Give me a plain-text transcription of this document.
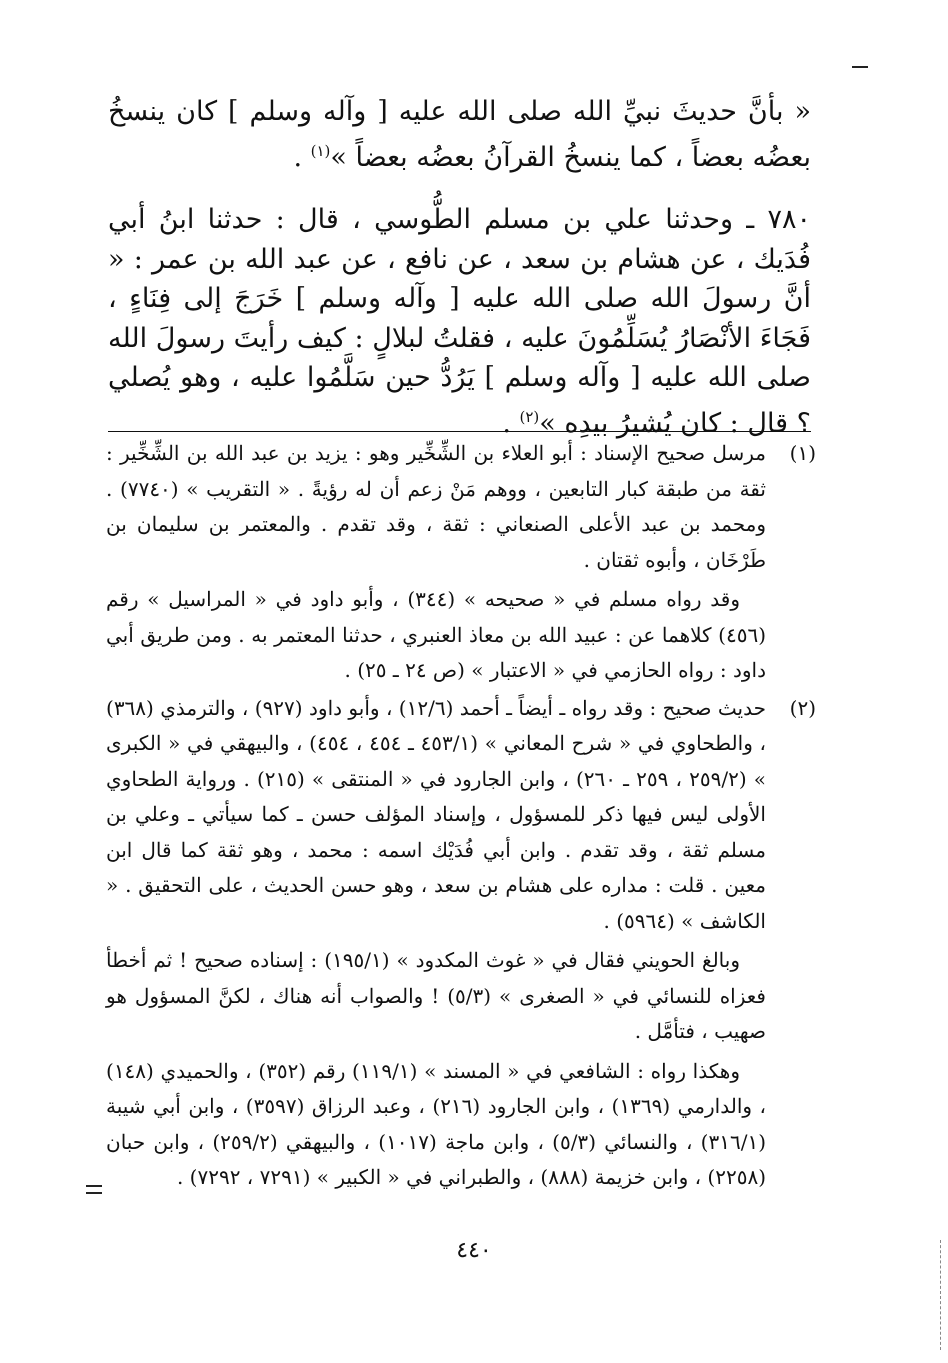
« بأنَّ حديثَ نبيِّ الله صلى الله عليه [ وآله وسلم ] كان ينسخُ بعضُه بعضاً ، كما ينسخُ القرآنُ بعضُه بعضاً »$^{(١)}$ .

٧٨٠ ـ وحدثنا علي بن مسلم الطُّوسي ، قال : حدثنا ابنُ أبي فُدَيك ، عن هشام بن سعد ، عن نافع ، عن عبد الله بن عمر : « أنَّ رسولَ الله صلى الله عليه [ وآله وسلم ] خَرَجَ إلى فِنَاءٍ ، فَجَاءَ الأنْصَارُ يُسَلِّمُونَ عليه ، فقلتُ لبلالٍ : كيف رأيتَ رسولَ الله صلى الله عليه [ وآله وسلم ] يَرُدُّ حين سَلَّمُوا عليه ، وهو يُصلي ؟ قال : كان يُشيرُ بيدِه »$^{(٢)}$ .

(١)

مرسل صحيح الإسناد : أبو العلاء بن الشِّخِّير وهو : يزيد بن عبد الله بن الشِّخِّير : ثقة من طبقة كبار التابعين ، ووهم مَنْ زعم أن له رؤيةً . « التقريب » (٧٧٤٠) . ومحمد بن عبد الأعلى الصنعاني : ثقة ، وقد تقدم . والمعتمر بن سليمان بن طَرْخَان ، وأبوه ثقتان .

وقد رواه مسلم في « صحيحه » (٣٤٤) ، وأبو داود في « المراسيل » رقم (٤٥٦) كلاهما عن : عبيد الله بن معاذ العنبري ، حدثنا المعتمر به . ومن طريق أبي داود : رواه الحازمي في « الاعتبار » (ص ٢٤ ـ ٢٥) .

(٢)

حديث صحيح : وقد رواه ـ أيضاً ـ أحمد (١٢/٦) ، وأبو داود (٩٢٧) ، والترمذي (٣٦٨) ، والطحاوي في « شرح المعاني » (٤٥٣/١ ـ ٤٥٤ ، ٤٥٤) ، والبيهقي في « الكبرى » (٢٥٩/٢ ، ٢٥٩ ـ ٢٦٠) ، وابن الجارود في « المنتقى » (٢١٥) . ورواية الطحاوي الأولى ليس فيها ذكر للمسؤول ، وإسناد المؤلف حسن ـ كما سيأتي ـ وعلي بن مسلم ثقة ، وقد تقدم . وابن أبي فُدَيْك اسمه : محمد ، وهو ثقة كما قال ابن معين . قلت : مداره على هشام بن سعد ، وهو حسن الحديث ، على التحقيق . « الكاشف » (٥٩٦٤) .

وبالغ الحويني فقال في « غوث المكدود » (١٩٥/١) : إسناده صحيح ! ثم أخطأ فعزاه للنسائي في « الصغرى » (٥/٣) ! والصواب أنه هناك ، لكنَّ المسؤول هو صهيب ، فتأمَّل .

وهكذا رواه : الشافعي في « المسند » (١١٩/١) رقم (٣٥٢) ، والحميدي (١٤٨) ، والدارمي (١٣٦٩) ، وابن الجارود (٢١٦) ، وعبد الرزاق (٣٥٩٧) ، وابن أبي شيبة (٣١٦/١) ، والنسائي (٥/٣) ، وابن ماجة (١٠١٧) ، والبيهقي (٢٥٩/٢) ، وابن حبان (٢٢٥٨) ، وابن خزيمة (٨٨٨) ، والطبراني في « الكبير » (٧٢٩١ ، ٧٢٩٢) .

٤٤٠
